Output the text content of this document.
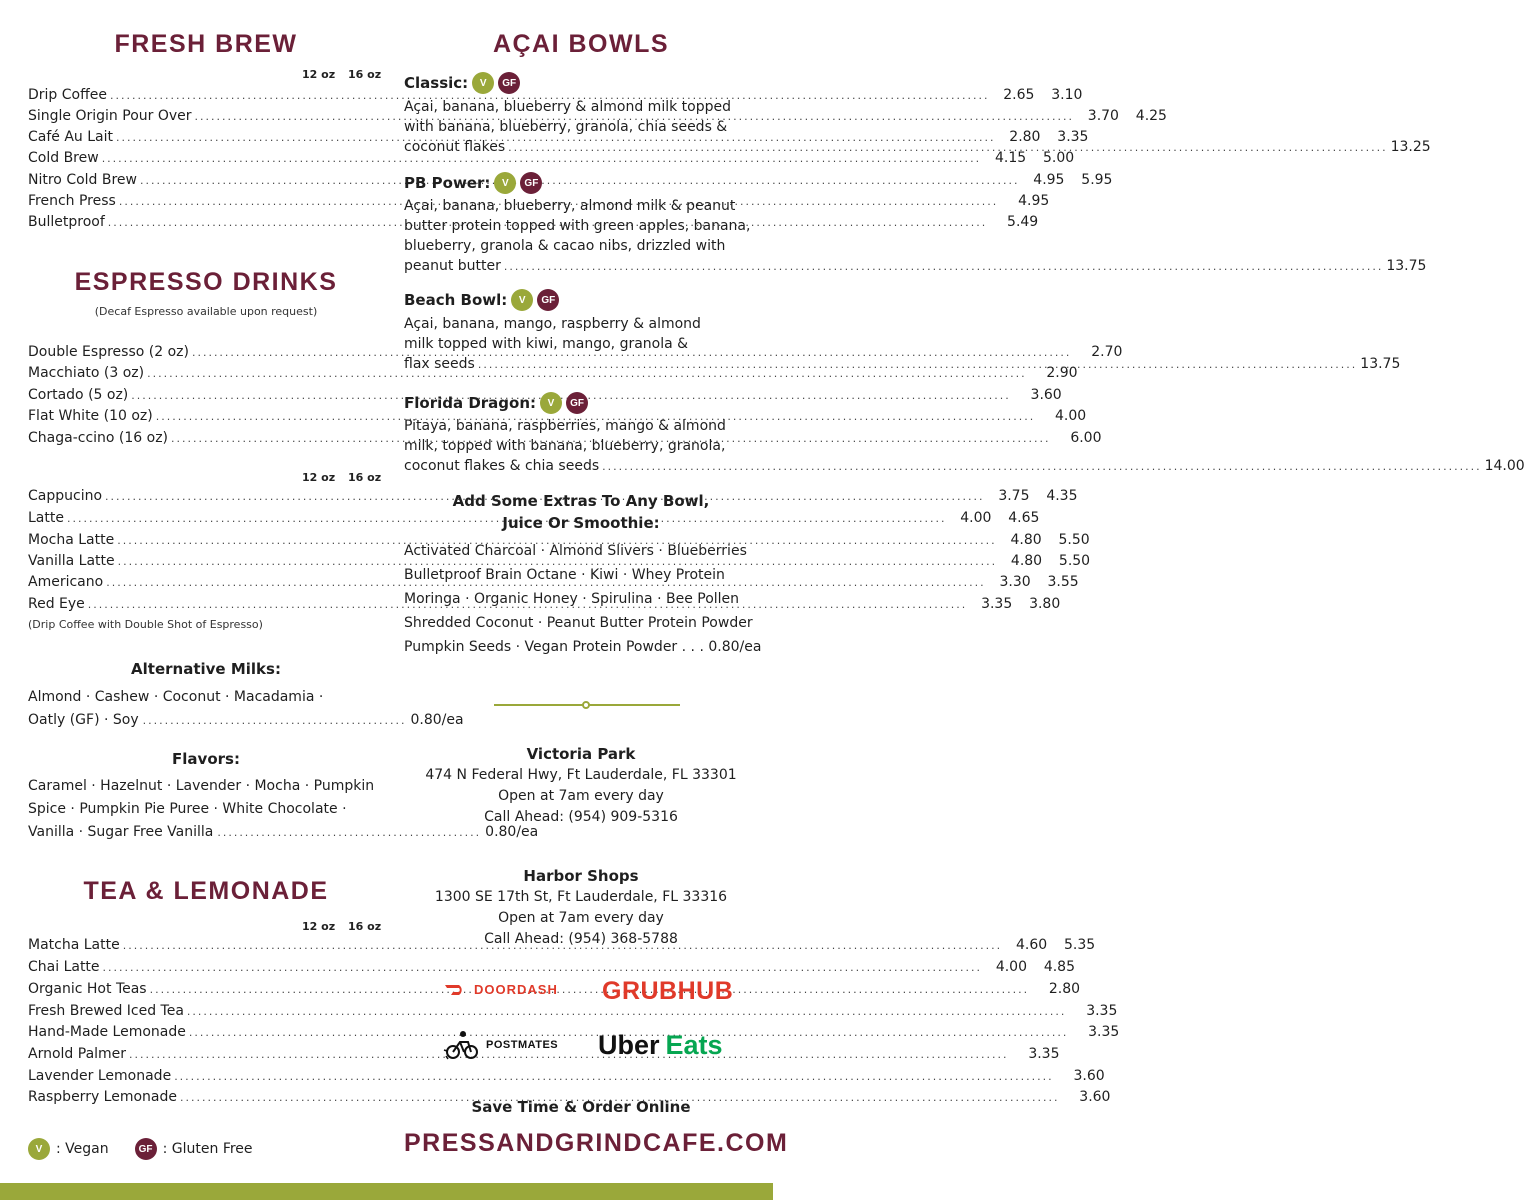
FRESH BREW
12 oz 16 oz
Drip Coffee .....	2.65	3.10
Single Origin Pour Over .....	3.70	4.25
Café Au Lait .....	2.80	3.35
Cold Brew .....	4.15	5.00
Nitro Cold Brew .....	4.95	5.95
French Press .....	4.95
Bulletproof .....	5.49
ESPRESSO DRINKS
(Decaf Espresso available upon request)
Double Espresso (2 oz) .....	2.70
Macchiato (3 oz) .....	2.90
Cortado (5 oz) .....	3.60
Flat White (10 oz) .....	4.00
Chaga-ccino (16 oz) .....	6.00
12 oz 16 oz
Cappucino .....	3.75	4.35
Latte .....	4.00	4.65
Mocha Latte .....	4.80	5.50
Vanilla Latte .....	4.80	5.50
Americano .....	3.30	3.55
Red Eye .....	3.35	3.80
(Drip Coffee with Double Shot of Espresso)
Alternative Milks:
Almond · Cashew · Coconut · Macadamia ·
Oatly (GF) · Soy ................................................ 0.80/ea
Flavors:
Caramel · Hazelnut · Lavender · Mocha · Pumpkin
Spice · Pumpkin Pie Puree · White Chocolate ·
Vanilla · Sugar Free Vanilla ................................................ 0.80/ea
TEA & LEMONADE
12 oz 16 oz
Matcha Latte .....	4.60	5.35
Chai Latte .....	4.00	4.85
Organic Hot Teas .....	2.80
Fresh Brewed Iced Tea .....	3.35
Hand-Made Lemonade .....	3.35
Arnold Palmer .....	3.35
Lavender Lemonade .....	3.60
Raspberry Lemonade .....	3.60
V : Vegan	GF : Gluten Free
AÇAI BOWLS
Classic:	V	GF
Açai, banana, blueberry & almond milk topped
with banana, blueberry, granola, chia seeds &
coconut flakes .....	13.25
PB Power:	V	GF
Açai, banana, blueberry, almond milk & peanut
butter protein topped with green apples, banana,
blueberry, granola & cacao nibs, drizzled with
peanut butter .....	13.75
Beach Bowl:	V	GF
Açai, banana, mango, raspberry & almond
milk topped with kiwi, mango, granola &
flax seeds .....	13.75
Florida Dragon:	V	GF
Pitaya, banana, raspberries, mango & almond
milk, topped with banana, blueberry, granola,
coconut flakes & chia seeds .....	14.00
Add Some Extras To Any Bowl,
Juice Or Smoothie:
Activated Charcoal · Almond Slivers · Blueberries
Bulletproof Brain Octane · Kiwi · Whey Protein
Moringa · Organic Honey · Spirulina · Bee Pollen
Shredded Coconut · Peanut Butter Protein Powder
Pumpkin Seeds · Vegan Protein Powder . . . 0.80/ea
Victoria Park
474 N Federal Hwy, Ft Lauderdale, FL 33301
Open at 7am every day
Call Ahead: (954) 909-5316
Harbor Shops
1300 SE 17th St, Ft Lauderdale, FL 33316
Open at 7am every day
Call Ahead: (954) 368-5788
DOORDASH GRUBHUB
POSTMATES Uber Eats
Save Time & Order Online
PRESSANDGRINDCAFE.COM
